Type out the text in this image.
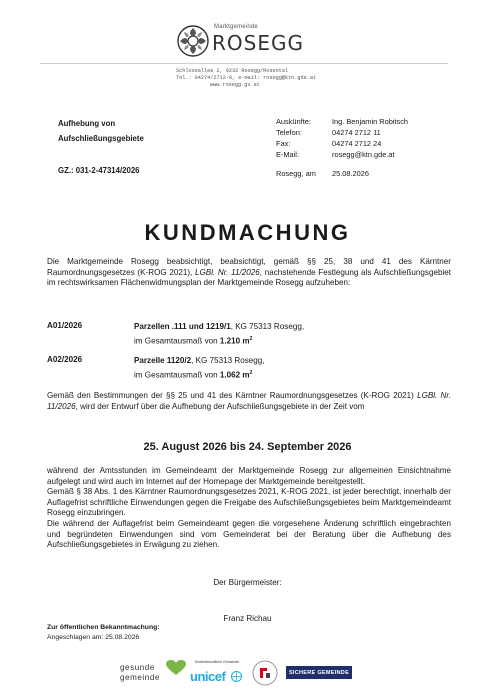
Marktgemeinde
ROSEGG
Schlossallee 2, 9232 Rosegg/Rosental
Tel.: 04274/2712-0, e-mail: rosegg@ktn.gde.at
www.rosegg.gv.at
Aufhebung von
Aufschließungsgebiete
GZ.: 031-2-47314/2026
Auskünfte:	Ing. Benjamin Robitsch
Telefon:	04274 2712 11
Fax:	04274 2712 24
E-Mail:	rosegg@ktn.gde.at
Rosegg, am	25.08.2026
KUNDMACHUNG
Die Marktgemeinde Rosegg beabsichtigt, beabsichtigt, gemäß §§ 25, 38 und 41 des Kärntner Raumordnungsgesetzes (K-ROG 2021), LGBl. Nr. 11/2026, nachstehende Festlegung als Aufschließungsgebiet im rechtswirksamen Flächenwidmungsplan der Marktgemeinde Rosegg aufzuheben:
A01/2026	Parzellen .111 und 1219/1, KG 75313 Rosegg,
im Gesamtausmaß von 1.210 $m^2$
A02/2026	Parzelle 1120/2, KG 75313 Rosegg,
im Gesamtausmaß von 1.062 $m^2$
Gemäß den Bestimmungen der §§ 25 und 41 des Kärntner Raumordnungsgesetzes (K-ROG 2021) LGBl. Nr. 11/2026, wird der Entwurf über die Aufhebung der Aufschließungsgebiete in der Zeit vom
25. August 2026 bis 24. September 2026
während der Amtsstunden im Gemeindeamt der Marktgemeinde Rosegg zur allgemeinen Einsichtnahme aufgelegt und wird auch im Internet auf der Homepage der Marktgemeinde bereitgestellt.
Gemäß § 38 Abs. 1 des Kärntner Raumordnungsgesetzes 2021, K-ROG 2021, ist jeder berechtigt, innerhalb der Auflagefrist schriftliche Einwendungen gegen die Freigabe des Aufschließungsgebietes beim Marktgemeindeamt Rosegg einzubringen.
Die während der Auflagefrist beim Gemeindeamt gegen die vorgesehene Änderung schriftlich eingebrachten und begründeten Einwendungen sind vom Gemeinderat bei der Beratung über die Aufhebung des Aufschließungsgebietes in Erwägung zu ziehen.
Der Bürgermeister:
Franz Richau
Zur öffentlichen Bekanntmachung:
Angeschlagen am: 25.08.2026
gesunde
gemeinde
Kinderfreundliche Gemeinde
unicef	SICHERE GEMEINDE
